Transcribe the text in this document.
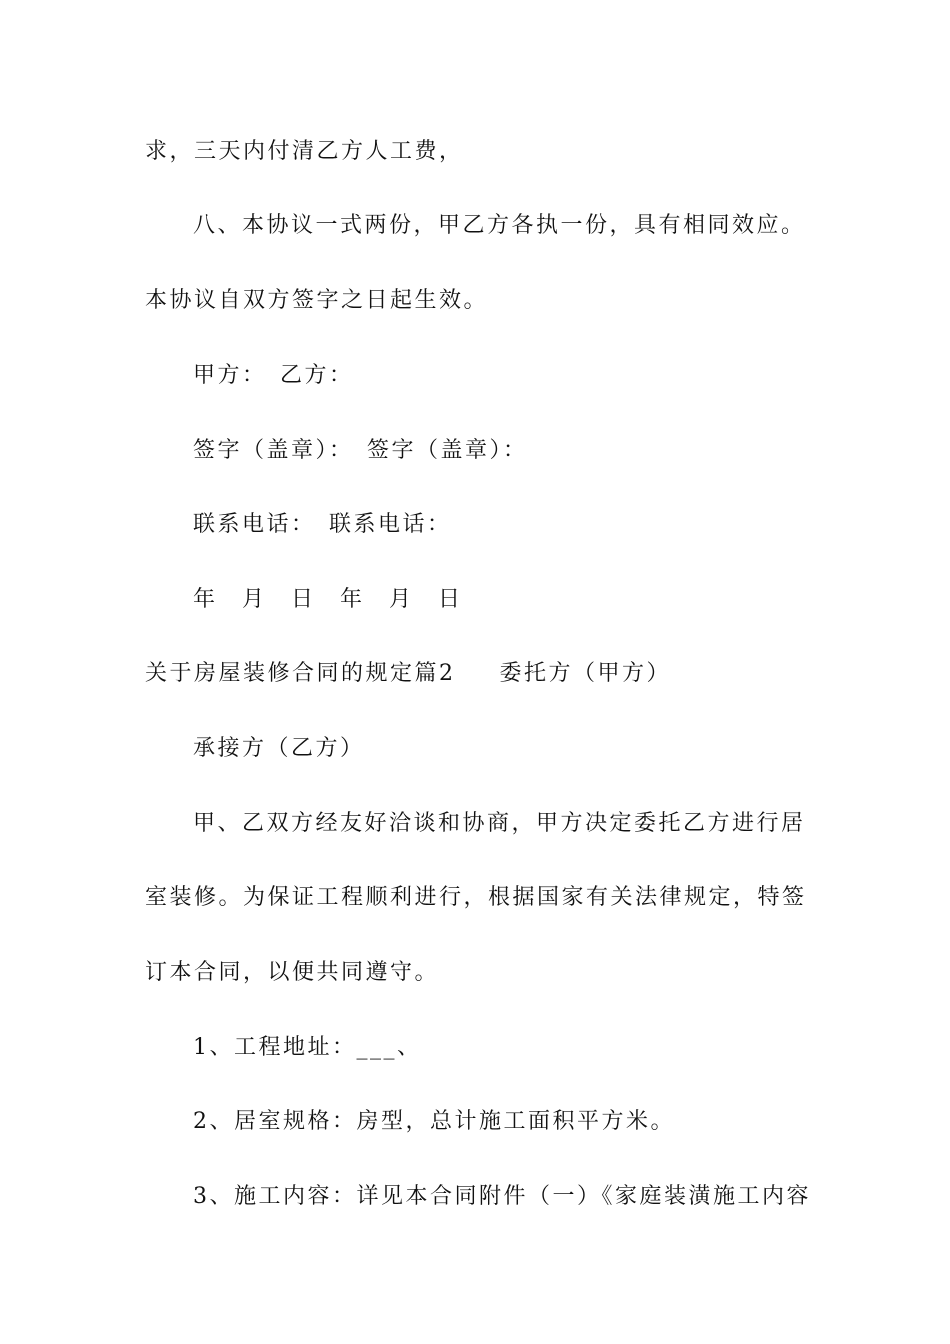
求，三天内付清乙方人工费，
八、本协议一式两份，甲乙方各执一份，具有相同效应。
本协议自双方签字之日起生效。
甲方：　乙方：
签字（盖章）：　签字（盖章）：
联系电话：　联系电话：
年　月　日　年　月　日
关于房屋装修合同的规定篇2 委托方（甲方）
承接方（乙方）
甲、乙双方经友好洽谈和协商，甲方决定委托乙方进行居
室装修。为保证工程顺利进行，根据国家有关法律规定，特签
订本合同，以便共同遵守。
1、工程地址：___、
2、居室规格：房型，总计施工面积平方米。
3、施工内容：详见本合同附件（一）《家庭装潢施工内容
